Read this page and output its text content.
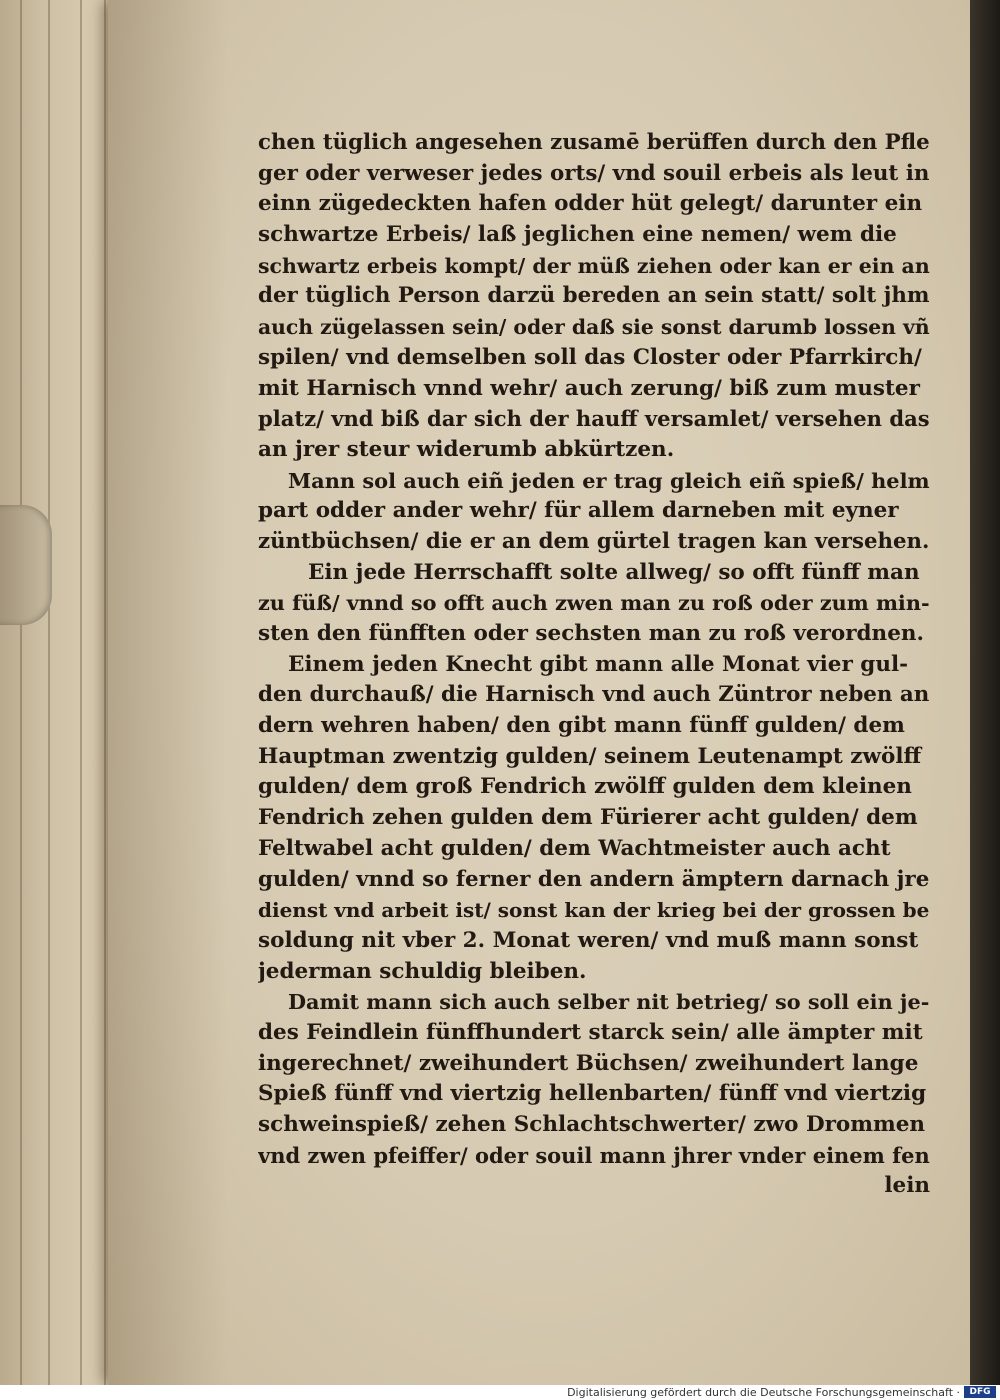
chen tüglich angesehen zusamē berüffen durch den Pfle
ger oder verweser jedes orts/ vnd souil erbeis als leut in
einn zügedeckten hafen odder hüt gelegt/ darunter ein
schwartze Erbeis/ laß jeglichen eine nemen/ wem die
schwartz erbeis kompt/ der müß ziehen oder kan er ein an
der tüglich Person darzü bereden an sein statt/ solt jhm
auch zügelassen sein/ oder daß sie sonst darumb lossen vñ
spilen/ vnd demselben soll das Closter oder Pfarrkirch/
mit Harnisch vnnd wehr/ auch zerung/ biß zum muster
platz/ vnd biß dar sich der hauff versamlet/ versehen das
an jrer steur widerumb abkürtzen.
Mann sol auch eiñ jeden er trag gleich eiñ spieß/ helm
part odder ander wehr/ für allem darneben mit eyner
züntbüchsen/ die er an dem gürtel tragen kan versehen.
Ein jede Herrschafft solte allweg/ so offt fünff man
zu füß/ vnnd so offt auch zwen man zu roß oder zum min-
sten den fünfften oder sechsten man zu roß verordnen.
Einem jeden Knecht gibt mann alle Monat vier gul-
den durchauß/ die Harnisch vnd auch Züntror neben an
dern wehren haben/ den gibt mann fünff gulden/ dem
Hauptman zwentzig gulden/ seinem Leutenampt zwölff
gulden/ dem groß Fendrich zwölff gulden dem kleinen
Fendrich zehen gulden dem Fürierer acht gulden/ dem
Feltwabel acht gulden/ dem Wachtmeister auch acht
gulden/ vnnd so ferner den andern ämptern darnach jre
dienst vnd arbeit ist/ sonst kan der krieg bei der grossen be
soldung nit vber 2. Monat weren/ vnd muß mann sonst
jederman schuldig bleiben.
Damit mann sich auch selber nit betrieg/ so soll ein je-
des Feindlein fünffhundert starck sein/ alle ämpter mit
ingerechnet/ zweihundert Büchsen/ zweihundert lange
Spieß fünff vnd viertzig hellenbarten/ fünff vnd viertzig
schweinspieß/ zehen Schlachtschwerter/ zwo Drommen
vnd zwen pfeiffer/ oder souil mann jhrer vnder einem fen
lein
Digitalisierung gefördert durch die Deutsche Forschungsgemeinschaft ·	DFG
